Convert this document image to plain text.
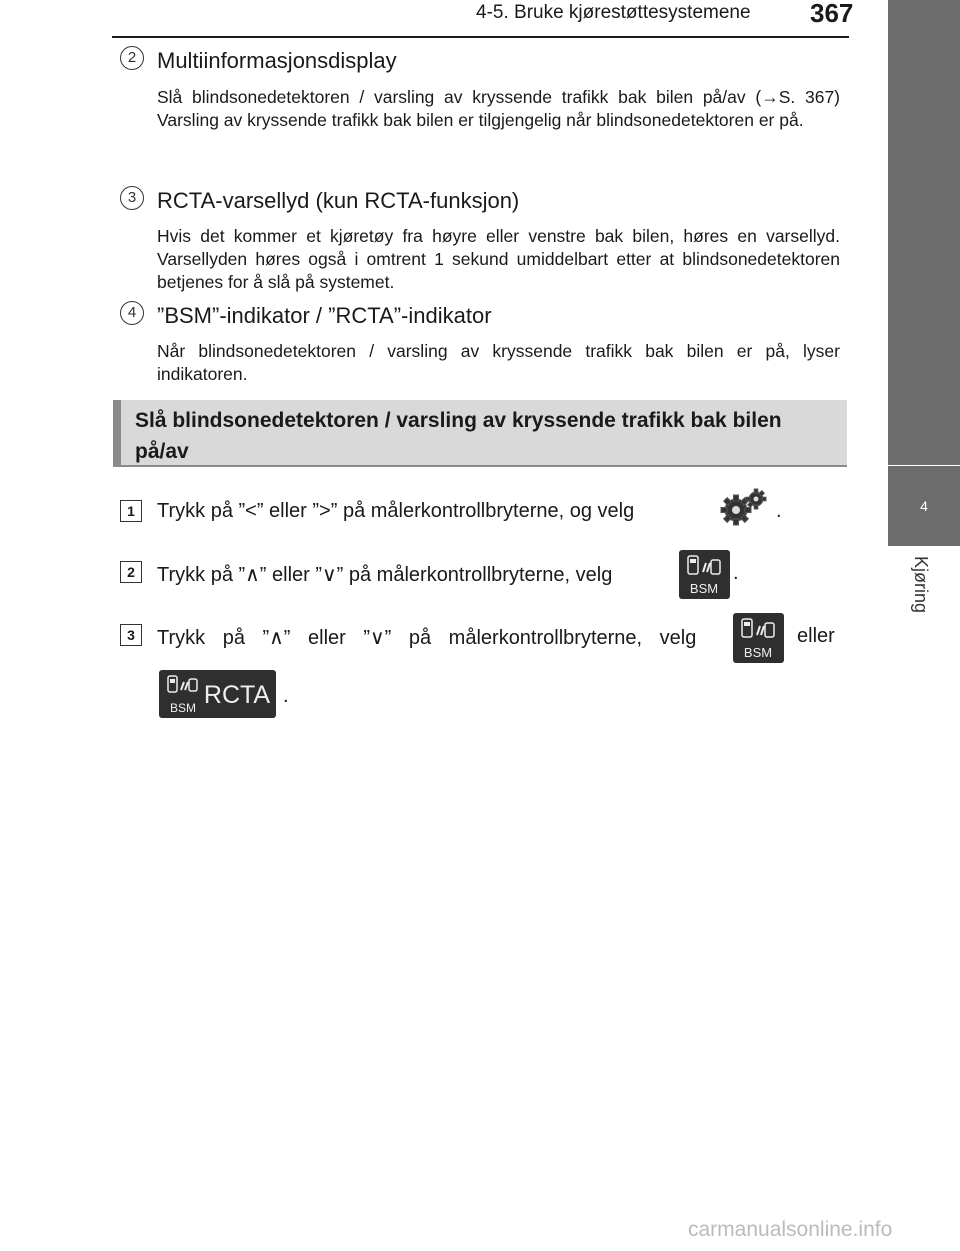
4-5. Bruke kjørestøttesystemene 367
4
Kjøring
2 Multiinformasjonsdisplay
Slå blindsonedetektoren / varsling av kryssende trafikk bak bilen på/av (→S. 367) Varsling av kryssende trafikk bak bilen er tilgjengelig når blindsonedetektoren er på.
3 RCTA-varsellyd (kun RCTA-funksjon)
Hvis det kommer et kjøretøy fra høyre eller venstre bak bilen, høres en varsellyd. Varsellyden høres også i omtrent 1 sekund umiddelbart etter at blindsonedetektoren betjenes for å slå på systemet.
4 ”BSM”-indikator / ”RCTA”-indikator
Når blindsonedetektoren / varsling av kryssende trafikk bak bilen er på, lyser indikatoren.
Slå blindsonedetektoren / varsling av kryssende trafikk bak bilen på/av
1	Trykk på ”<” eller ”>” på målerkontrollbryterne, og velg	.
2	Trykk på ”∧” eller ”∨” på målerkontrollbryterne, velg
BSM
.
3	Trykk på ”∧” eller ”∨” på målerkontrollbryterne, velg
BSM
eller
BSM RCTA .
carmanualsonline.info
